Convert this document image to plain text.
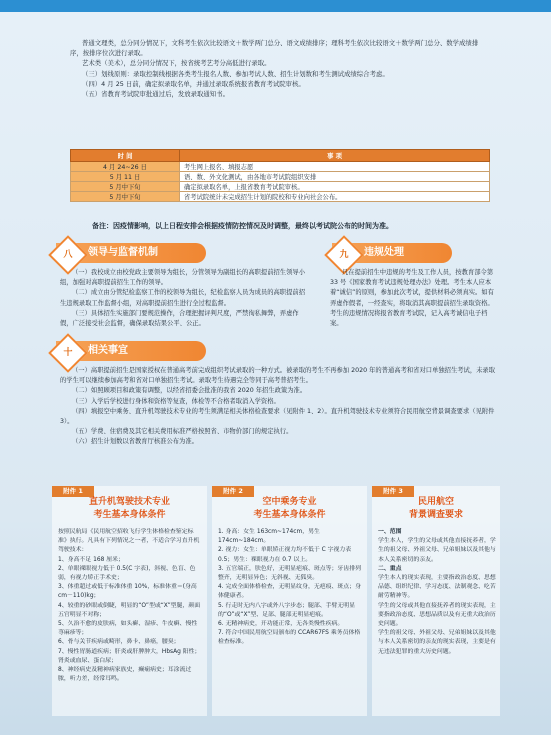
普通文理类，总分同分情况下，文科考生依次比较语文＋数学两门总分、语文成绩排序；理科考生依次比较语文＋数学两门总分、数学成绩排序，按排序位次进行录取。

艺术类（美术），总分同分情况下，按省统考艺考分高低进行录取。

（三）划线原则：录取控制线根据各类考生报名人数、参加考试人数、招生计划数和考生测试成绩综合考虑。

（四）4 月 25 日前，确定拟录取名单，并通过录取系统报省教育考试院审核。

（五）省教育考试院审批通过后，发放录取通知书。

时 间	事 项
4 月 24~26 日	考生网上报名、填报志愿
5 月 11 日	语、数、外文化测试，由各地市考试院组织安排
5 月中下旬	确定拟录取名单，上报省教育考试院审核。
5 月中下旬	省考试院统计未完成招生计划的院校和专业向社会公布。
备注：因疫情影响，以上日程安排会根据疫情防控情况及时调整，最终以考试院公布的时间为准。
八	领导与监督机制

（一）我校成立由校党政主要领导为组长，分管领导为副组长的高职提前招生领导小组，加强对高职提前招生工作的领导。

（二）成立由分管纪检监察工作的校领导为组长，纪检监察人员为成员的高职提前招生违规录取工作监督小组，对高职提前招生进行全过程监督。

（三）具体招生实施部门要规范操作，合理把握评判尺度，严禁徇私舞弊，弄虚作假，广泛接受社会监督，确保录取结果公平、公正。

九	违规处理

凡在提前招生中违规的考生及工作人员，按教育部令第 33 号《国家教育考试违规处理办法》处理。考生本人应本着“诚信”的原则，参加此次考试，提供材料必须真实。如有弄虚作假者，一经查实，将取消其高职提前招生录取资格。考生的违规情况将报省教育考试院，记入高考诚信电子档案。

十	相关事宜

（一）高职提前招生是国家授权在普通高考前完成组织考试录取的一种方式。被录取的考生不再参加 2020 年的普通高考和省对口单独招生考试，未录取的学生可以继续参加高考和省对口单独招生考试。录取考生待遇完全等同于高考普招考生。

（二）如照顾项目和政策有调整，以经省招委会批准的我省 2020 年招生政策为准。

（三）入学后学校进行身体和资格等复查，体检等不合格者取消入学资格。

（四）填报空中乘务、直升机驾驶技术专业的考生须满足相关体格检查要求（见附件 1、2）。直升机驾驶技术专业须符合民用航空背景调查要求（见附件 3）。

（五）学费、住宿费及其它相关费用标准严格按照省、市物价部门的规定执行。

（六）招生计划数以省教育厅核准公布为准。

附件 1
直升机驾驶技术专业
考生基本身体条件

按照民航局《民用航空招收飞行学生体格检查鉴定标准》执行。凡具有下列情况之一者，不适合学习直升机驾驶技术：

1、身高不足 168 厘米；

2、单眼裸眼视力低于 0.5(C 字表)，斜视、色盲、色弱，有视力矫正手术史；

3、体重超过或低于标准体重 10%，标准体重＝(身高 cm－110)kg；

4、较重的砂眼或倒睫，明显的“O”型或“X”型腿，颜面五官明显不对称；

5、久治不愈的皮肤病，如头癣、湿疹、牛皮癣、慢性荨麻疹等；

6、骨与关节疾病或畸形，鼻卡、鼻癌，腰臭；

7、慢性胃肠道疾病；肝炎或肝脾肿大，HbsAg 阳性；肾炎或血尿、蛋白尿；

8、神经病史及精神病家族史，癫痫病史；耳涂流过脓，听力差，经常耳鸣。

附件 2
空中乘务专业
考生基本身体条件

1. 身高：女生 163cm~174cm，男生 174cm~184cm。

2. 视力：女生：单眼矫正视力均不低于 C 字视力表 0.5；男生：裸眼视力在 0.7 以上。

3. 五官端正，肤色好，无明显疤痕、斑点等；牙齿排列整齐，无明显异色；无斜视、无狐臭。

4. 完成全面体格检查，无明显纹身，无疤痕、斑点；身体健康者。

5. 行走时无内八字或外八字步态；腿部、手臂无明显的“O”或“X”型、足部、腿部无明显疤痕。

6. 无精神病史，开功能正常，无各类慢性疾病。

7. 符合中国民用航空局颁布的 CCAR67FS 乘务员体格检查标准。

附件 3
民用航空
背景调查要求

一、范围

学生本人，学生的父母或其他直接抚养者，学生的祖父母、外祖父母、兄弟姐妹以及其他与本人关系密切的亲友。

二、重点

学生本人的现实表现，主要指政治态度、思想品德、组织纪律、学习态度、法制观念、吃苦耐劳精神等。

学生的父母或其他直接抚养者的现实表现，主要指政治态度、思想品质以及有无重大政治历史问题。

学生的祖父母、外祖父母、兄弟姐妹以及其他与本人关系密切的亲友的现实表现，主要是有无违法犯罪的重大历史问题。
